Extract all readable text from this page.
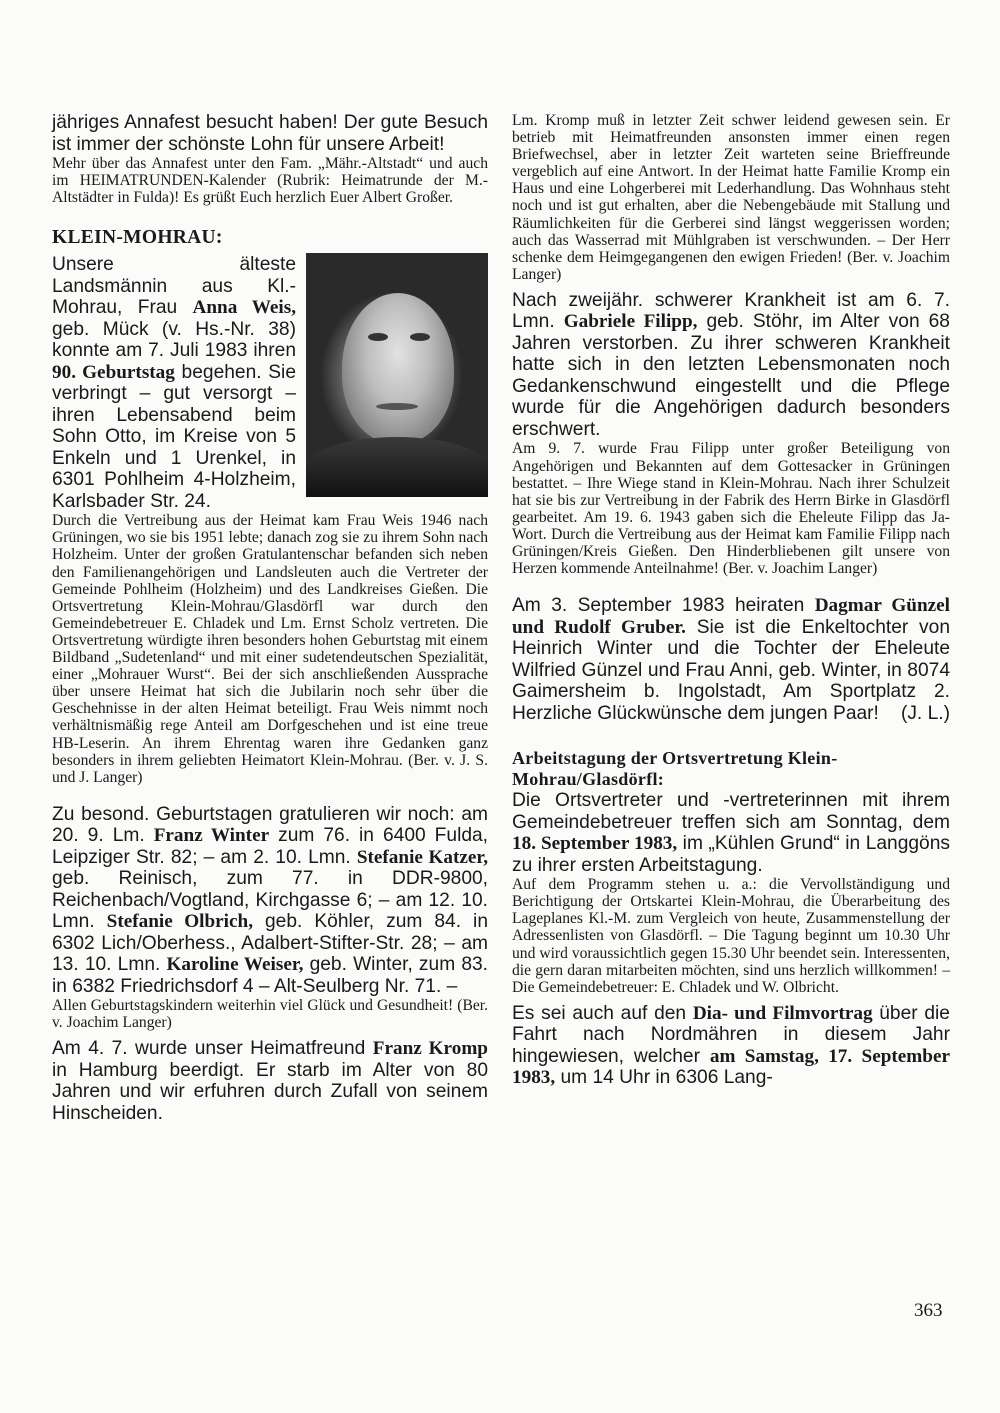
jähriges Annafest besucht haben! Der gute Besuch ist immer der schönste Lohn für unsere Arbeit!

Mehr über das Annafest unter den Fam. „Mähr.-Altstadt“ und auch im HEIMATRUNDEN-Kalender (Rubrik: Heimatrunde der M.-Altstädter in Fulda)! Es grüßt Euch herzlich Euer Albert Großer.

KLEIN-MOHRAU:

Unsere älteste Landsmännin aus Kl.-Mohrau, Frau Anna Weis, geb. Mück (v. Hs.-Nr. 38) konnte am 7. Juli 1983 ihren 90. Geburtstag begehen. Sie verbringt – gut versorgt – ihren Lebensabend beim Sohn Otto, im Kreise von 5 Enkeln und 1 Urenkel, in 6301 Pohlheim 4-Holzheim, Karlsbader Str. 24.

Durch die Vertreibung aus der Heimat kam Frau Weis 1946 nach Grüningen, wo sie bis 1951 lebte; danach zog sie zu ihrem Sohn nach Holzheim. Unter der großen Gratulantenschar befanden sich neben den Familienangehörigen und Landsleuten auch die Vertreter der Gemeinde Pohlheim (Holzheim) und des Landkreises Gießen. Die Ortsvertretung Klein-Mohrau/Glasdörfl war durch den Gemeindebetreuer E. Chladek und Lm. Ernst Scholz vertreten. Die Ortsvertretung würdigte ihren besonders hohen Geburtstag mit einem Bildband „Sudetenland“ und mit einer sudetendeutschen Spezialität, einer „Mohrauer Wurst“. Bei der sich anschließenden Aussprache über unsere Heimat hat sich die Jubilarin noch sehr über die Geschehnisse in der alten Heimat beteiligt. Frau Weis nimmt noch verhältnismäßig rege Anteil am Dorfgeschehen und ist eine treue HB-Leserin. An ihrem Ehrentag waren ihre Gedanken ganz besonders in ihrem geliebten Heimatort Klein-Mohrau. (Ber. v. J. S. und J. Langer)

Zu besond. Geburtstagen gratulieren wir noch: am 20. 9. Lm. Franz Winter zum 76. in 6400 Fulda, Leipziger Str. 82; – am 2. 10. Lmn. Stefanie Katzer, geb. Reinisch, zum 77. in DDR-9800, Reichenbach/Vogtland, Kirchgasse 6; – am 12. 10. Lmn. Stefanie Olbrich, geb. Köhler, zum 84. in 6302 Lich/Oberhess., Adalbert-Stifter-Str. 28; – am 13. 10. Lmn. Karoline Weiser, geb. Winter, zum 83. in 6382 Friedrichsdorf 4 – Alt-Seulberg Nr. 71. –

Allen Geburtstagskindern weiterhin viel Glück und Gesundheit! (Ber. v. Joachim Langer)

Am 4. 7. wurde unser Heimatfreund Franz Kromp in Hamburg beerdigt. Er starb im Alter von 80 Jahren und wir erfuhren durch Zufall von seinem Hinscheiden.

Lm. Kromp muß in letzter Zeit schwer leidend gewesen sein. Er betrieb mit Heimatfreunden ansonsten immer einen regen Briefwechsel, aber in letzter Zeit warteten seine Brieffreunde vergeblich auf eine Antwort. In der Heimat hatte Familie Kromp ein Haus und eine Lohgerberei mit Lederhandlung. Das Wohnhaus steht noch und ist gut erhalten, aber die Nebengebäude mit Stallung und Räumlichkeiten für die Gerberei sind längst weggerissen worden; auch das Wasserrad mit Mühlgraben ist verschwunden. – Der Herr schenke dem Heimgegangenen den ewigen Frieden! (Ber. v. Joachim Langer)

Nach zweijähr. schwerer Krankheit ist am 6. 7. Lmn. Gabriele Filipp, geb. Stöhr, im Alter von 68 Jahren verstorben. Zu ihrer schweren Krankheit hatte sich in den letzten Lebensmonaten noch Gedankenschwund eingestellt und die Pflege wurde für die Angehörigen dadurch besonders erschwert.

Am 9. 7. wurde Frau Filipp unter großer Beteiligung von Angehörigen und Bekannten auf dem Gottesacker in Grüningen bestattet. – Ihre Wiege stand in Klein-Mohrau. Nach ihrer Schulzeit hat sie bis zur Vertreibung in der Fabrik des Herrn Birke in Glasdörfl gearbeitet. Am 19. 6. 1943 gaben sich die Eheleute Filipp das Ja-Wort. Durch die Vertreibung aus der Heimat kam Familie Filipp nach Grüningen/Kreis Gießen. Den Hinderbliebenen gilt unsere von Herzen kommende Anteilnahme! (Ber. v. Joachim Langer)

Am 3. September 1983 heiraten Dagmar Günzel und Rudolf Gruber. Sie ist die Enkeltochter von Heinrich Winter und die Tochter der Eheleute Wilfried Günzel und Frau Anni, geb. Winter, in 8074 Gaimersheim b. Ingolstadt, Am Sportplatz 2. Herzliche Glückwünsche dem jungen Paar! (J. L.)

Arbeitstagung der Ortsvertretung Klein-Mohrau/Glasdörfl:

Die Ortsvertreter und -vertreterinnen mit ihrem Gemeindebetreuer treffen sich am Sonntag, dem 18. September 1983, im „Kühlen Grund“ in Langgöns zu ihrer ersten Arbeitstagung.

Auf dem Programm stehen u. a.: die Vervollständigung und Berichtigung der Ortskartei Klein-Mohrau, die Überarbeitung des Lageplanes Kl.-M. zum Vergleich von heute, Zusammenstellung der Adressenlisten von Glasdörfl. – Die Tagung beginnt um 10.30 Uhr und wird voraussichtlich gegen 15.30 Uhr beendet sein. Interessenten, die gern daran mitarbeiten möchten, sind uns herzlich willkommen! – Die Gemeindebetreuer: E. Chladek und W. Olbricht.

Es sei auch auf den Dia- und Filmvortrag über die Fahrt nach Nordmähren in diesem Jahr hingewiesen, welcher am Samstag, 17. September 1983, um 14 Uhr in 6306 Lang-

363
